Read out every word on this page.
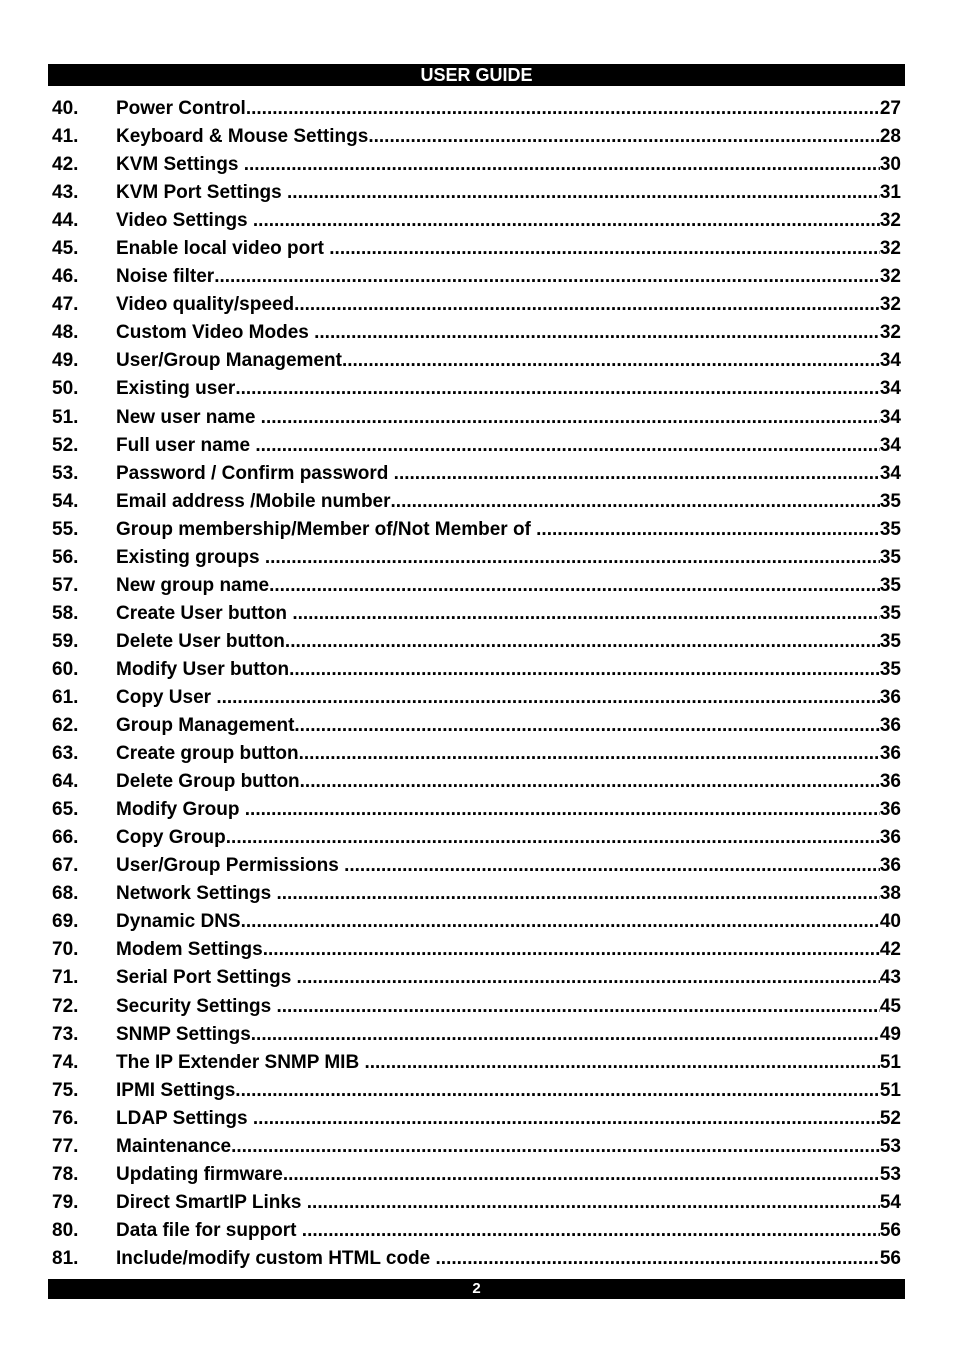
USER GUIDE
40.	Power Control .....	27
41.	Keyboard & Mouse Settings .....	28
42.	KVM Settings .....	30
43.	KVM Port Settings .....	31
44.	Video Settings .....	32
45.	Enable local video port .....	32
46.	Noise filter .....	32
47.	Video quality/speed .....	32
48.	Custom Video Modes .....	32
49.	User/Group Management .....	34
50.	Existing user .....	34
51.	New user name .....	34
52.	Full user name .....	34
53.	Password / Confirm password .....	34
54.	Email address /Mobile number .....	35
55.	Group membership/Member of/Not Member of .....	35
56.	Existing groups .....	35
57.	New group name .....	35
58.	Create User button .....	35
59.	Delete User button .....	35
60.	Modify User button .....	35
61.	Copy User .....	36
62.	Group Management .....	36
63.	Create group button .....	36
64.	Delete Group button .....	36
65.	Modify Group .....	36
66.	Copy Group .....	36
67.	User/Group Permissions .....	36
68.	Network Settings .....	38
69.	Dynamic DNS .....	40
70.	Modem Settings .....	42
71.	Serial Port Settings .....	43
72.	Security Settings .....	45
73.	SNMP Settings .....	49
74.	The IP Extender SNMP MIB .....	51
75.	IPMI Settings .....	51
76.	LDAP Settings .....	52
77.	Maintenance .....	53
78.	Updating firmware .....	53
79.	Direct SmartIP Links .....	54
80.	Data file for support .....	56
81.	Include/modify custom HTML code .....	56
2
